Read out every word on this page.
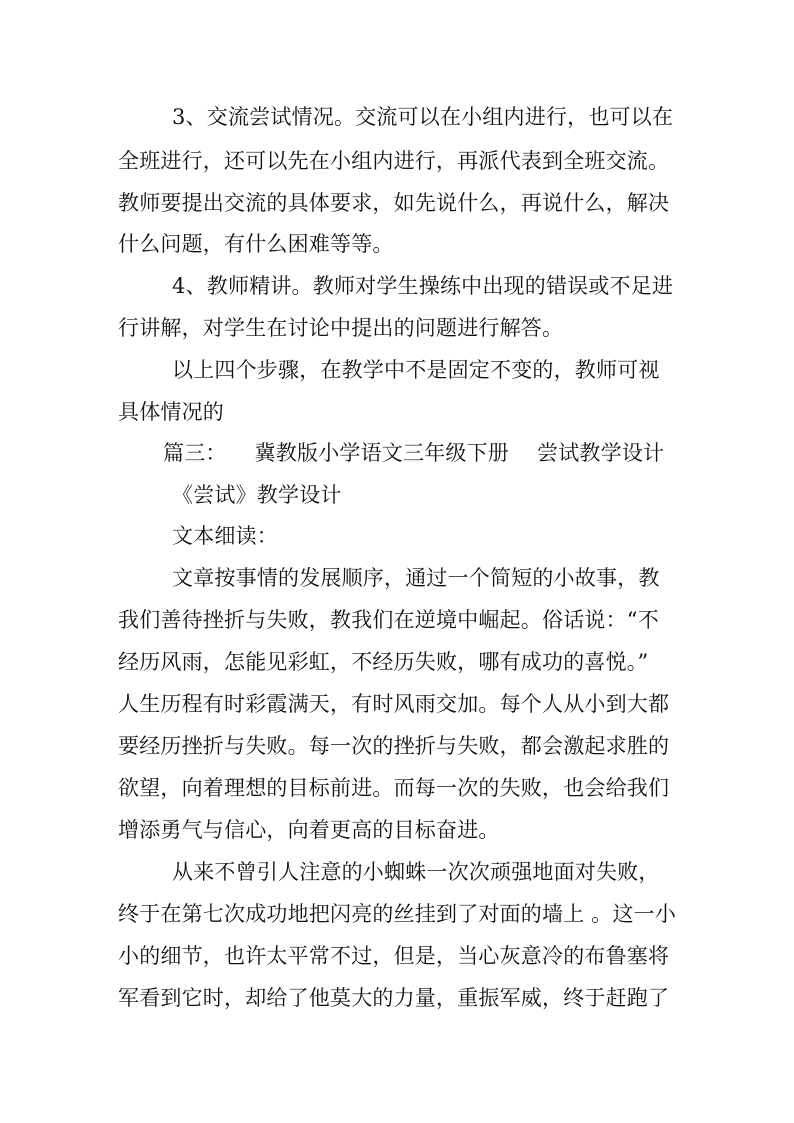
3、交流尝试情况。交流可以在小组内进行，也可以在
全班进行，还可以先在小组内进行，再派代表到全班交流。
教师要提出交流的具体要求，如先说什么，再说什么，解决
什么问题，有什么困难等等。
4、教师精讲。教师对学生操练中出现的错误或不足进
行讲解，对学生在讨论中提出的问题进行解答。
以上四个步骤，在教学中不是固定不变的，教师可视
具体情况的
篇三： 冀教版小学语文三年级下册 尝试教学设计
《尝试》教学设计
文本细读：
文章按事情的发展顺序，通过一个简短的小故事，教
我们善待挫折与失败，教我们在逆境中崛起。俗话说：“不
经历风雨，怎能见彩虹，不经历失败，哪有成功的喜悦。”
人生历程有时彩霞满天，有时风雨交加。每个人从小到大都
要经历挫折与失败。每一次的挫折与失败，都会激起求胜的
欲望，向着理想的目标前进。而每一次的失败，也会给我们
增添勇气与信心，向着更高的目标奋进。
从来不曾引人注意的小蜘蛛一次次顽强地面对失败，
终于在第七次成功地把闪亮的丝挂到了对面的墙上 。这一小
小的细节，也许太平常不过，但是，当心灰意冷的布鲁塞将
军看到它时，却给了他莫大的力量，重振军威，终于赶跑了
